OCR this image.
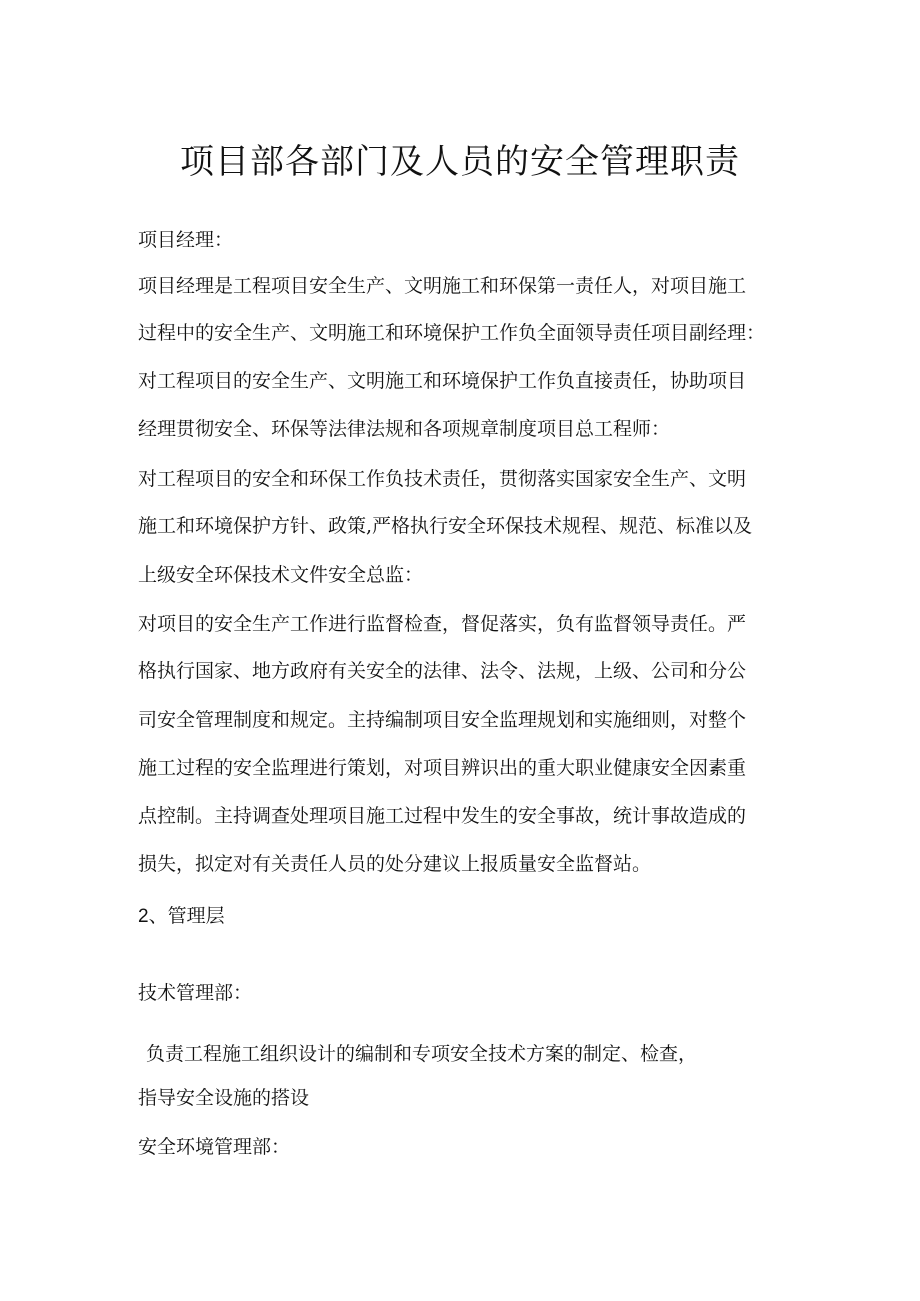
项目部各部门及人员的安全管理职责

项目经理：

项目经理是工程项目安全生产、文明施工和环保第一责任人，对项目施工

过程中的安全生产、文明施工和环境保护工作负全面领导责任项目副经理：

对工程项目的安全生产、文明施工和环境保护工作负直接责任，协助项目

经理贯彻安全、环保等法律法规和各项规章制度项目总工程师：

对工程项目的安全和环保工作负技术责任，贯彻落实国家安全生产、文明

施工和环境保护方针、政策,严格执行安全环保技术规程、规范、标准以及

上级安全环保技术文件安全总监：

对项目的安全生产工作进行监督检查，督促落实，负有监督领导责任。严

格执行国家、地方政府有关安全的法律、法令、法规，上级、公司和分公

司安全管理制度和规定。主持编制项目安全监理规划和实施细则，对整个

施工过程的安全监理进行策划，对项目辨识出的重大职业健康安全因素重

点控制。主持调查处理项目施工过程中发生的安全事故，统计事故造成的

损失，拟定对有关责任人员的处分建议上报质量安全监督站。

2、管理层

技术管理部：

负责工程施工组织设计的编制和专项安全技术方案的制定、检查，

指导安全设施的搭设

安全环境管理部：
